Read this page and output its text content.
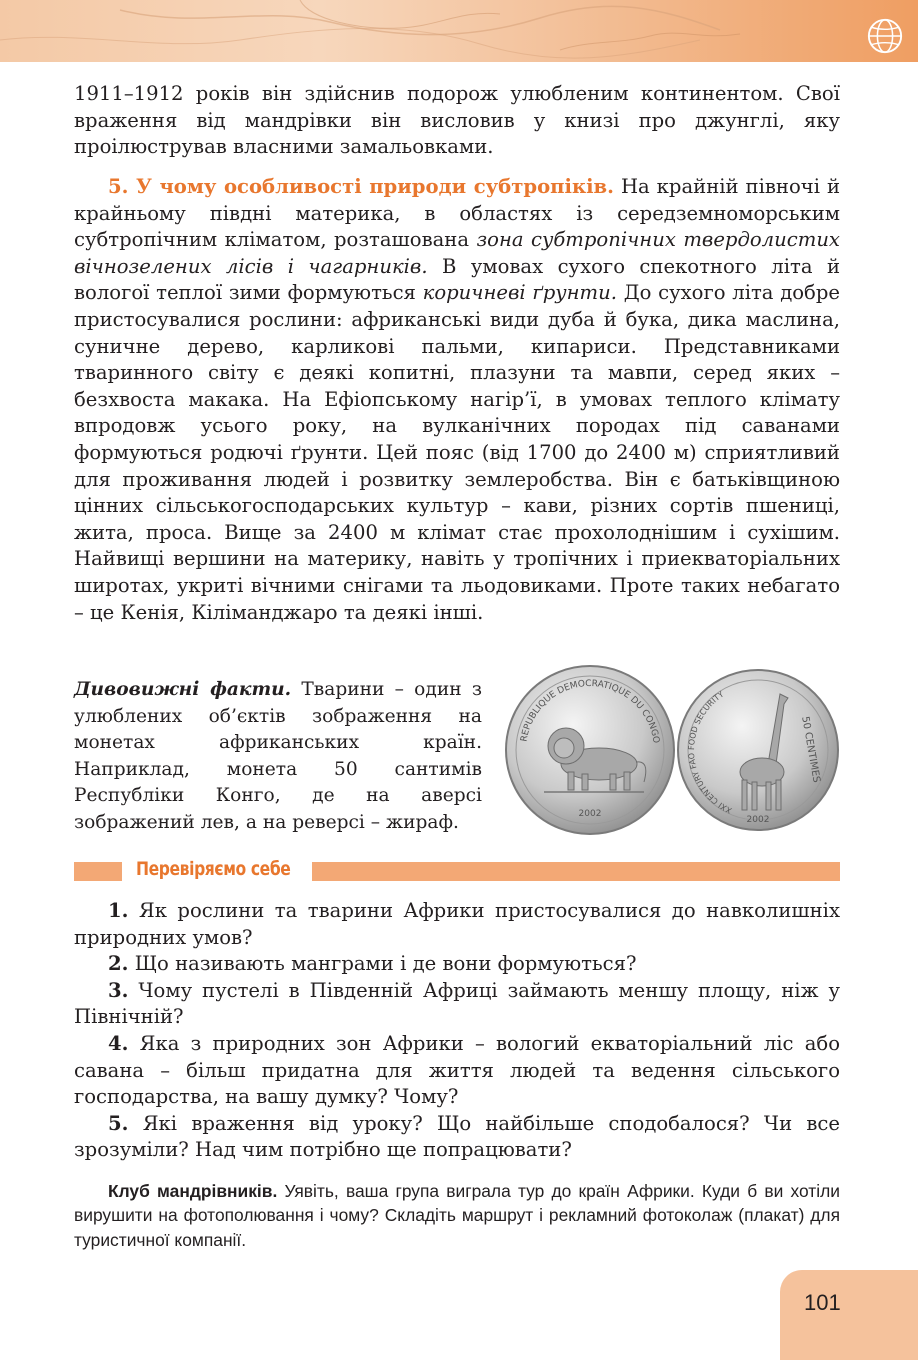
1911–1912 років він здійснив подорож улюбленим континентом. Свої враження від мандрівки він висловив у книзі про джунглі, яку проілюстрував власними замальовками.
5. У чому особливості природи субтропіків. На крайній півночі й крайньому півдні материка, в областях із середземноморським субтропічним кліматом, розташована зона субтропічних твердолистих вічнозелених лісів і чагарників. В умовах сухого спекотного літа й вологої теплої зими формуються коричневі ґрунти. До сухого літа добре пристосувалися рослини: африканські види дуба й бука, дика маслина, суничне дерево, карликові пальми, кипариси. Представниками тваринного світу є деякі копитні, плазуни та мавпи, серед яких – безхвоста макака. На Ефіопському нагір’ї, в умовах теплого клімату впродовж усього року, на вулканічних породах під саванами формуються родючі ґрунти. Цей пояс (від 1700 до 2400 м) сприятливий для проживання людей і розвитку землеробства. Він є батьківщиною цінних сільськогосподарських культур – кави, різних сортів пшениці, жита, проса. Вище за 2400 м клімат стає прохолоднішим і сухішим. Найвищі вершини на материку, навіть у тропічних і приекваторіальних широтах, укриті вічними снігами та льодовиками. Проте таких небагато – це Кенія, Кіліманджаро та деякі інші.
Дивовижні факти. Тварини – один з улюблених об’єктів зображення на монетах африканських країн. Наприклад, монета 50 сантимів Республіки Конго, де на аверсі зображений лев, а на реверсі – жираф.
REPUBLIQUE DEMOCRATIQUE DU CONGO
2002	XXI CENTURY FAO FOOD SECURITY
50 CENTIMES
2002
Перевіряємо себе

1. Як рослини та тварини Африки пристосувалися до навколишніх природних умов?

2. Що називають манграми і де вони формуються?

3. Чому пустелі в Південній Африці займають меншу площу, ніж у Північній?

4. Яка з природних зон Африки – вологий екваторіальний ліс або савана – більш придатна для життя людей та ведення сільського господарства, на вашу думку? Чому?

5. Які враження від уроку? Що найбільше сподобалося? Чи все зрозуміли? Над чим потрібно ще попрацювати?

Клуб мандрівників. Уявіть, ваша група виграла тур до країн Африки. Куди б ви хотіли вирушити на фотополювання і чому? Складіть маршрут і рекламний фотоколаж (плакат) для туристичної компанії.
101
